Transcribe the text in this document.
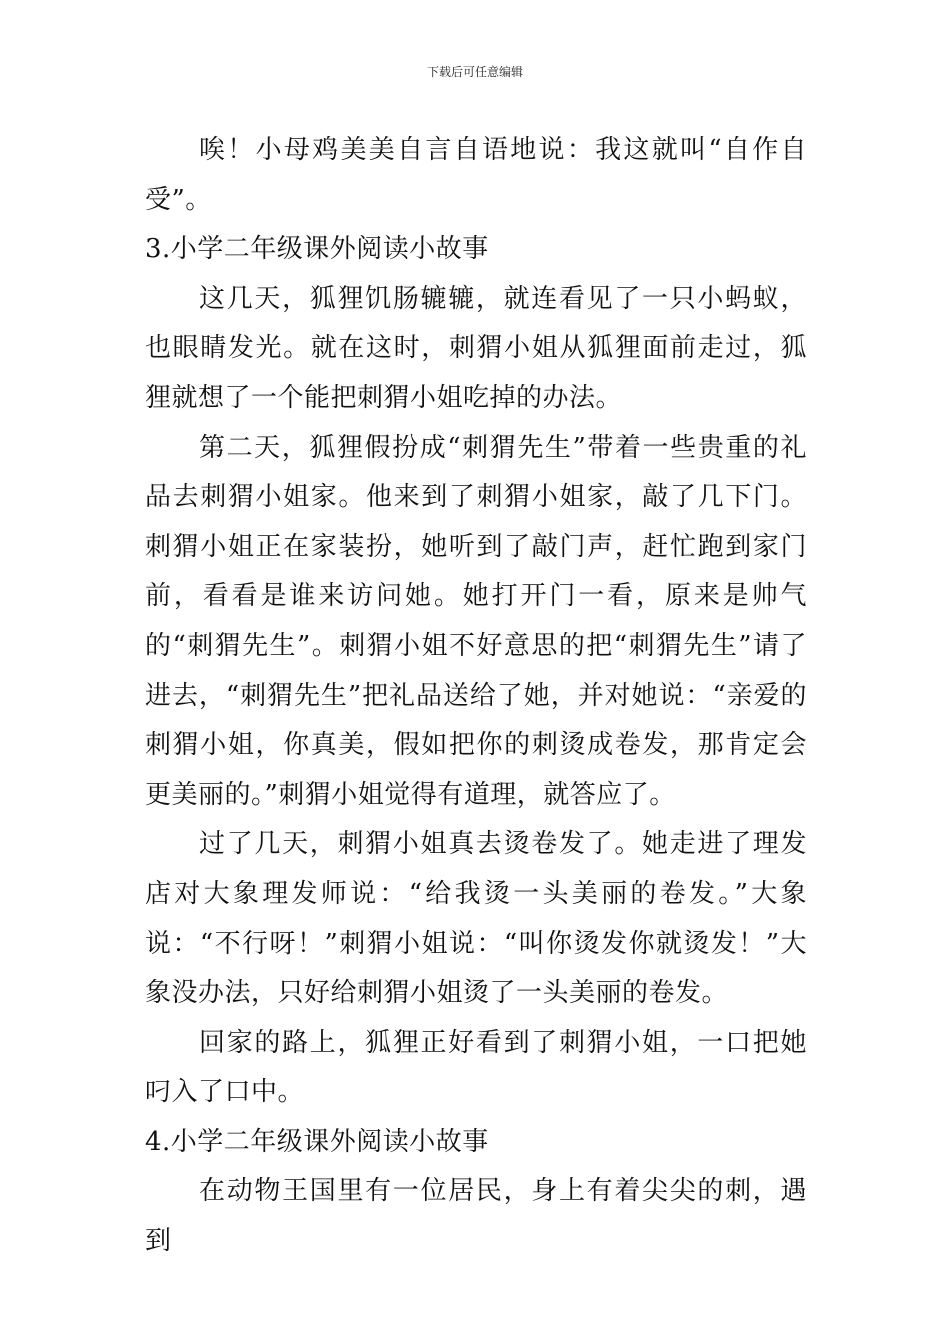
下载后可任意编辑

唉！小母鸡美美自言自语地说：我这就叫“自作自受”。

3.小学二年级课外阅读小故事

这几天，狐狸饥肠辘辘，就连看见了一只小蚂蚁，也眼睛发光。就在这时，刺猬小姐从狐狸面前走过，狐狸就想了一个能把刺猬小姐吃掉的办法。

第二天，狐狸假扮成“刺猬先生”带着一些贵重的礼品去刺猬小姐家。他来到了刺猬小姐家，敲了几下门。刺猬小姐正在家装扮，她听到了敲门声，赶忙跑到家门前，看看是谁来访问她。她打开门一看，原来是帅气的“刺猬先生”。刺猬小姐不好意思的把“刺猬先生”请了进去，“刺猬先生”把礼品送给了她，并对她说：“亲爱的刺猬小姐，你真美，假如把你的刺烫成卷发，那肯定会更美丽的。”刺猬小姐觉得有道理，就答应了。

过了几天，刺猬小姐真去烫卷发了。她走进了理发店对大象理发师说：“给我烫一头美丽的卷发。”大象说：“不行呀！”刺猬小姐说：“叫你烫发你就烫发！”大象没办法，只好给刺猬小姐烫了一头美丽的卷发。

回家的路上，狐狸正好看到了刺猬小姐，一口把她叼入了口中。

4.小学二年级课外阅读小故事

在动物王国里有一位居民，身上有着尖尖的刺，遇到
